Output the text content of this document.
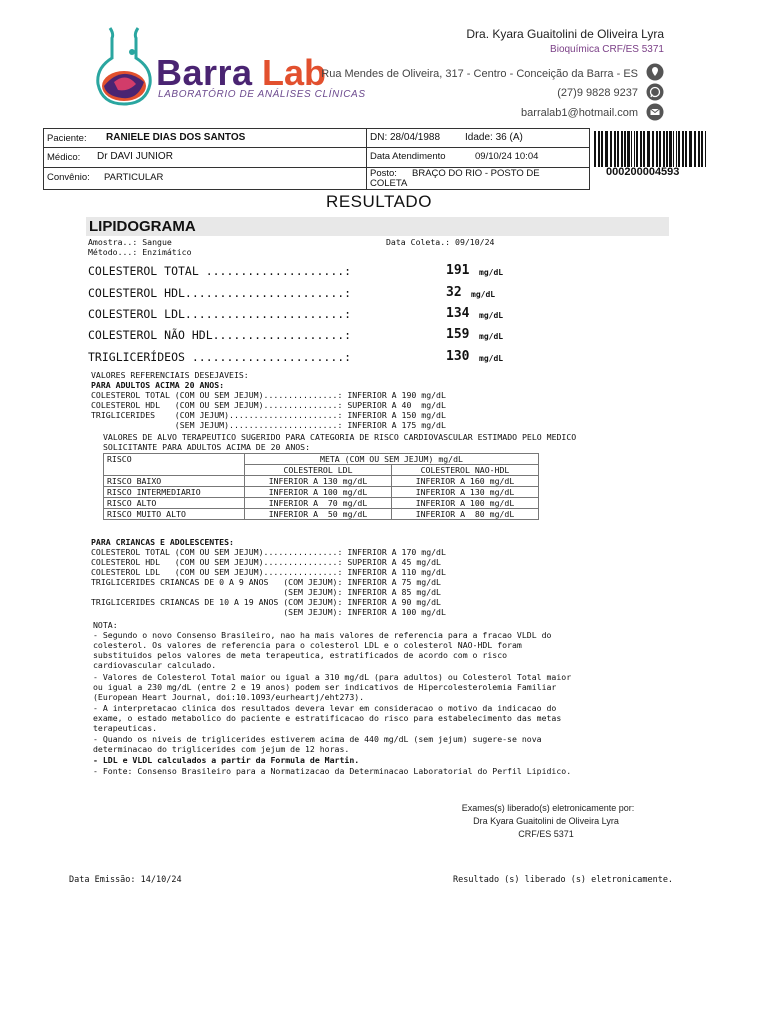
Barra Lab
LABORATÓRIO DE ANÁLISES CLÍNICAS
Dra. Kyara Guaitolini de Oliveira Lyra
Bioquímica CRF/ES 5371
Rua Mendes de Oliveira, 317 - Centro - Conceição da Barra - ES
(27)9 9828 9237
barralab1@hotmail.com
Paciente: RANIELE DIAS DOS SANTOS	DN: 28/04/1988 Idade: 36 (A)
Médico: Dr DAVI JUNIOR	Data Atendimento	09/10/24 10:04
Convênio: PARTICULAR	Posto: BRAÇO DO RIO - POSTO DE
COLETA
000200004593
RESULTADO
LIPIDOGRAMA
Amostra..: Sangue	Data Coleta.: 09/10/24
Método...: Enzimático
COLESTEROL TOTAL ....................:	191 mg/dL
COLESTEROL HDL.......................:	32 mg/dL
COLESTEROL LDL.......................:	134 mg/dL
COLESTEROL NÃO HDL...................:	159 mg/dL
TRIGLICERÍDEOS ......................:	130 mg/dL
VALORES REFERENCIAIS DESEJAVEIS:
PARA ADULTOS ACIMA 20 ANOS:
COLESTEROL TOTAL (COM OU SEM JEJUM)...............: INFERIOR A 190 mg/dL
COLESTEROL HDL   (COM OU SEM JEJUM)...............: SUPERIOR A 40  mg/dL
TRIGLICERIDES    (COM JEJUM)......................: INFERIOR A 150 mg/dL
(SEM JEJUM)......................: INFERIOR A 175 mg/dL
VALORES DE ALVO TERAPEUTICO SUGERIDO PARA CATEGORIA DE RISCO CARDIOVASCULAR ESTIMADO PELO MEDICO
SOLICITANTE PARA ADULTOS ACIMA DE 20 ANOS:
RISCO	META (COM OU SEM JEJUM) mg/dL	
	COLESTEROL LDL	COLESTEROL NAO-HDL
RISCO BAIXO	INFERIOR A 130 mg/dL	INFERIOR A 160 mg/dL
RISCO INTERMEDIARIO	INFERIOR A 100 mg/dL	INFERIOR A 130 mg/dL
RISCO ALTO	INFERIOR A  70 mg/dL	INFERIOR A 100 mg/dL
RISCO MUITO ALTO	INFERIOR A  50 mg/dL	INFERIOR A  80 mg/dL
PARA CRIANCAS E ADOLESCENTES:
COLESTEROL TOTAL (COM OU SEM JEJUM)...............: INFERIOR A 170 mg/dL
COLESTEROL HDL   (COM OU SEM JEJUM)...............: SUPERIOR A 45 mg/dL
COLESTEROL LDL   (COM OU SEM JEJUM)...............: INFERIOR A 110 mg/dL
TRIGLICERIDES CRIANCAS DE 0 A 9 ANOS   (COM JEJUM): INFERIOR A 75 mg/dL
(SEM JEJUM): INFERIOR A 85 mg/dL
TRIGLICERIDES CRIANCAS DE 10 A 19 ANOS (COM JEJUM): INFERIOR A 90 mg/dL
(SEM JEJUM): INFERIOR A 100 mg/dL
NOTA:
- Segundo o novo Consenso Brasileiro, nao ha mais valores de referencia para a fracao VLDL do
colesterol. Os valores de referencia para o colesterol LDL e o colesterol NAO-HDL foram
substituidos pelos valores de meta terapeutica, estratificados de acordo com o risco
cardiovascular calculado.
- Valores de Colesterol Total maior ou igual a 310 mg/dL (para adultos) ou Colesterol Total maior
ou igual a 230 mg/dL (entre 2 e 19 anos) podem ser indicativos de Hipercolesterolemia Familiar
(European Heart Journal, doi:10.1093/eurheartj/eht273).
- A interpretacao clinica dos resultados devera levar em consideracao o motivo da indicacao do
exame, o estado metabolico do paciente e estratificacao do risco para estabelecimento das metas
terapeuticas.
- Quando os niveis de triglicerides estiverem acima de 440 mg/dL (sem jejum) sugere-se nova
determinacao do triglicerides com jejum de 12 horas.
- LDL e VLDL calculados a partir da Formula de Martin.
- Fonte: Consenso Brasileiro para a Normatizacao da Determinacao Laboratorial do Perfil Lipidico.
Exames(s) liberado(s) eletronicamente por:
Dra Kyara Guaitolini de Oliveira Lyra
CRF/ES 5371
Data Emissão: 14/10/24	Resultado (s) liberado (s) eletronicamente.
